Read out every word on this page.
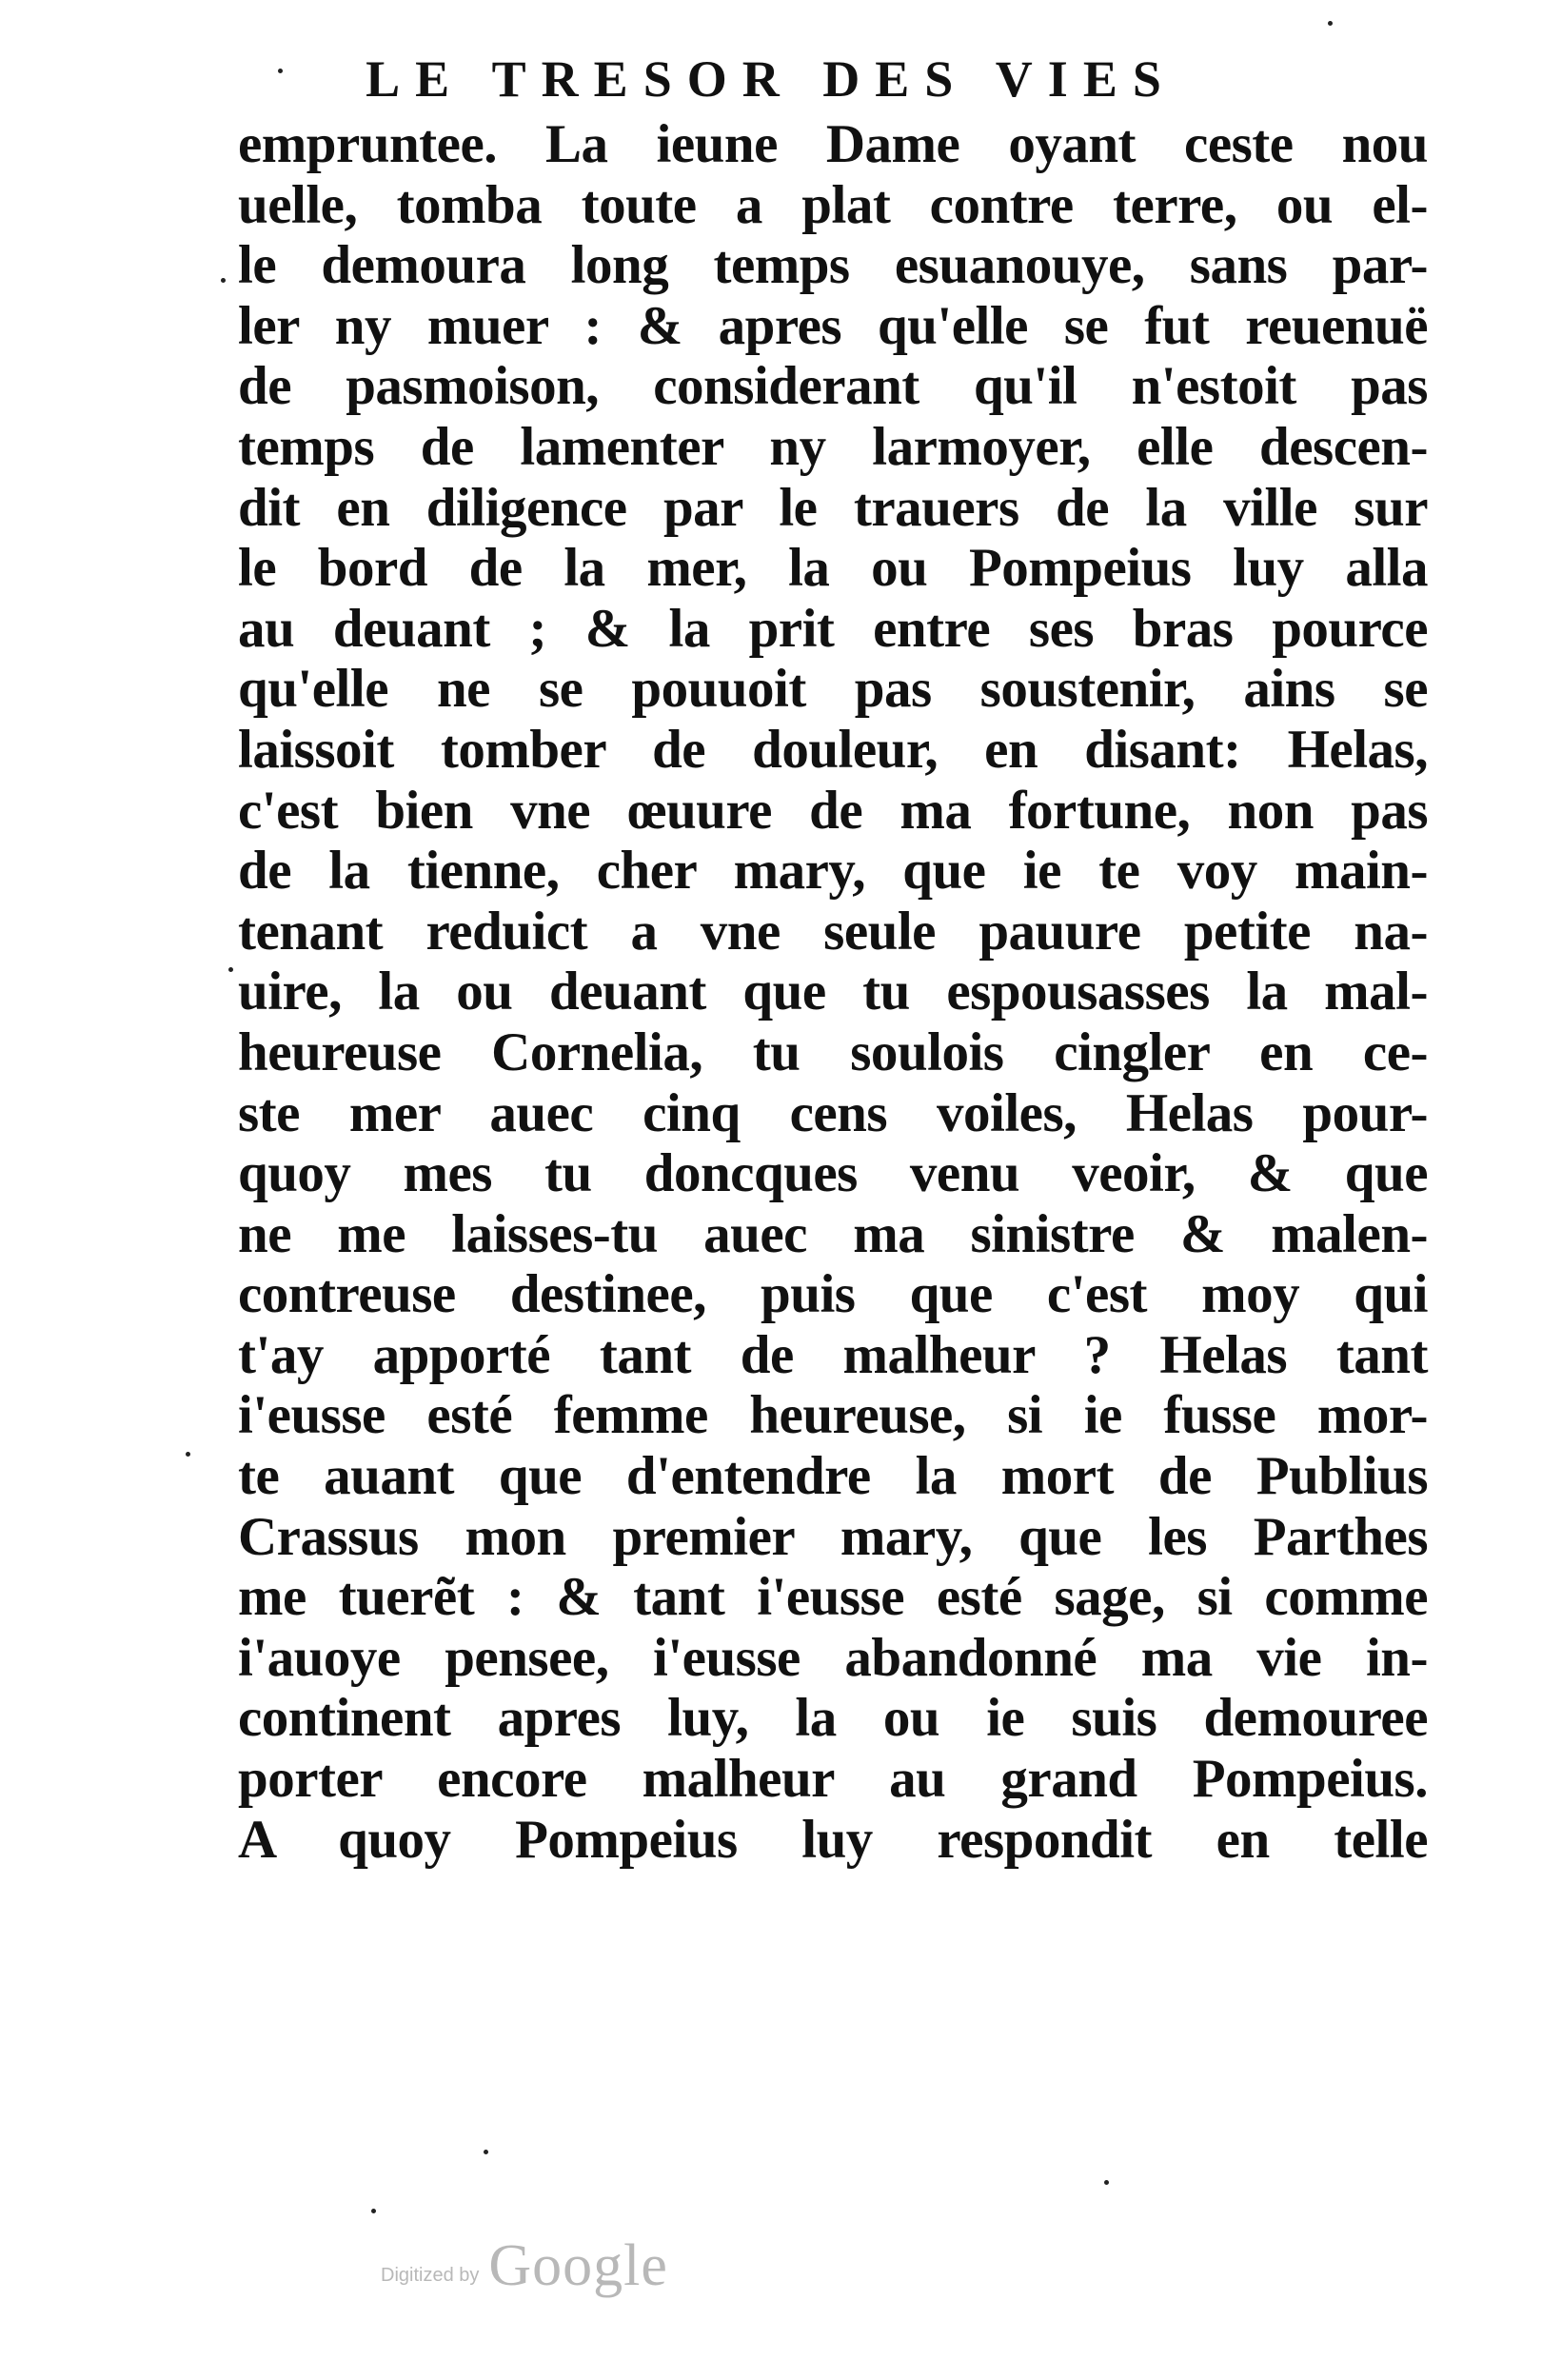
LE TRESOR DES VIES
empruntee. La ieune Dame oyant ceste nou
uelle, tomba toute a plat contre terre, ou el-
le demoura long temps esuanouye, sans par-
ler ny muer : & apres qu'elle se fut reuenuë
de pasmoison, considerant qu'il n'estoit pas
temps de lamenter ny larmoyer, elle descen-
dit en diligence par le trauers de la ville sur
le bord de la mer, la ou Pompeius luy alla
au deuant ; & la prit entre ses bras pource
qu'elle ne se pouuoit pas soustenir, ains se
laissoit tomber de douleur, en disant: Helas,
c'est bien vne œuure de ma fortune, non pas
de la tienne, cher mary, que ie te voy main-
tenant reduict a vne seule pauure petite na-
uire, la ou deuant que tu espousasses la mal-
heureuse Cornelia, tu soulois cingler en ce-
ste mer auec cinq cens voiles, Helas pour-
quoy mes tu doncques venu veoir, & que
ne me laisses-tu auec ma sinistre & malen-
contreuse destinee, puis que c'est moy qui
t'ay apporté tant de malheur ? Helas tant
i'eusse esté femme heureuse, si ie fusse mor-
te auant que d'entendre la mort de Publius
Crassus mon premier mary, que les Parthes
me tuerẽt : & tant i'eusse esté sage, si comme
i'auoye pensee, i'eusse abandonné ma vie in-
continent apres luy, la ou ie suis demouree
porter encore malheur au grand Pompeius.
A quoy Pompeius luy respondit en telle
Digitized by Google
